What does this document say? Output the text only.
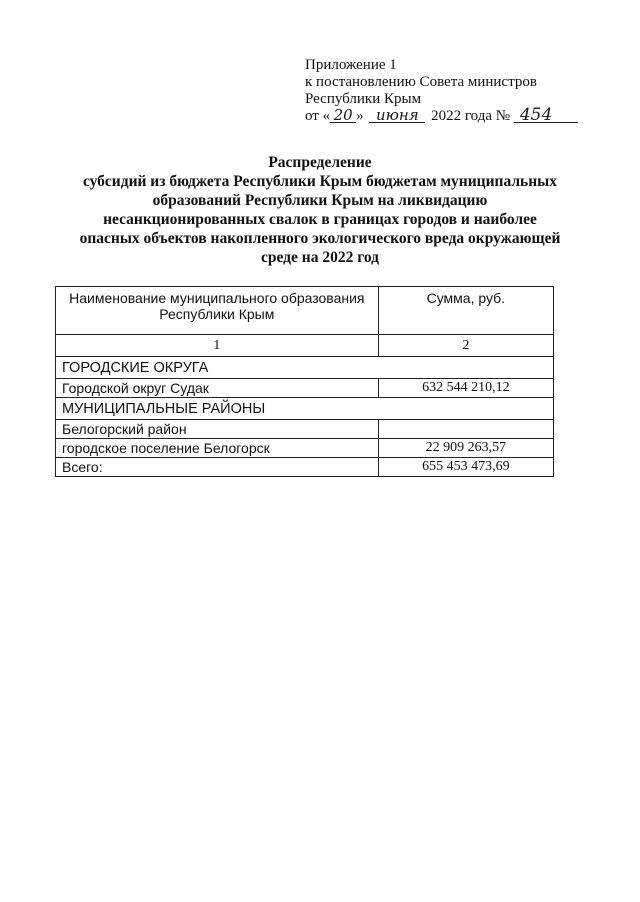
Приложение 1
к постановлению Совета министров
Республики Крым
от « 20 » июня 2022 года № 454
Распределение
субсидий из бюджета Республики Крым бюджетам муниципальных
образований Республики Крым на ликвидацию
несанкционированных свалок в границах городов и наиболее
опасных объектов накопленного экологического вреда окружающей
среде на 2022 год
Наименование муниципального образования Республики Крым	Сумма, руб.
1	2
ГОРОДСКИЕ ОКРУГА	
Городской округ Судак	632 544 210,12
МУНИЦИПАЛЬНЫЕ РАЙОНЫ	
Белогорский район	
городское поселение Белогорск	22 909 263,57
Всего:	655 453 473,69
